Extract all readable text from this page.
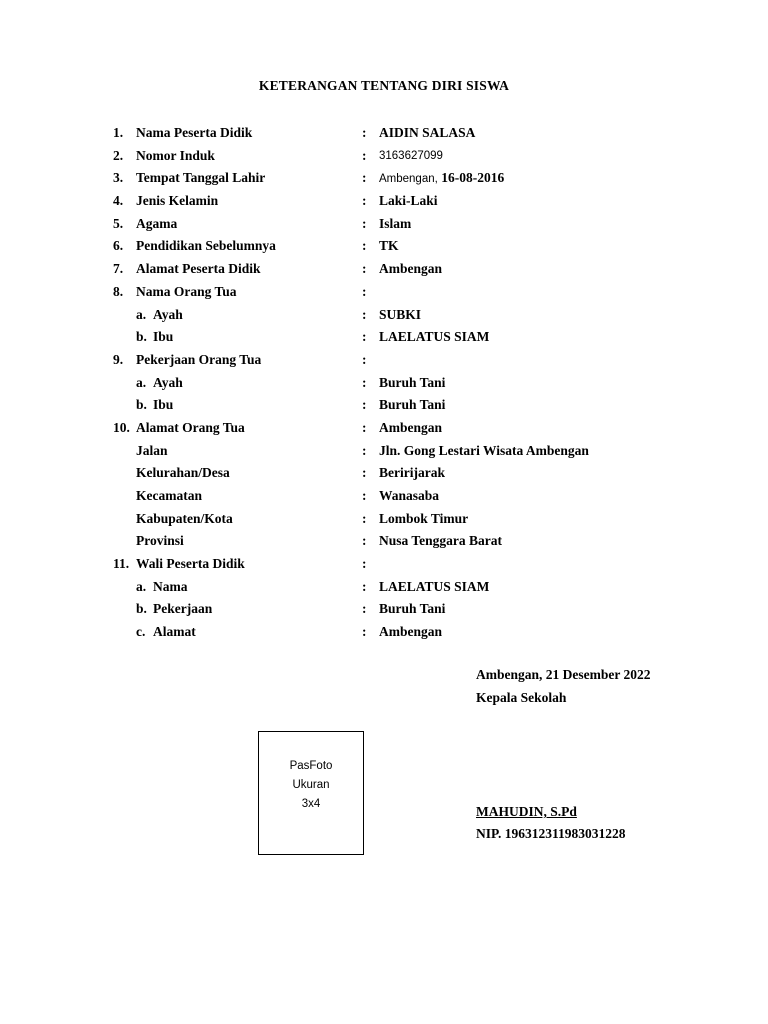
KETERANGAN TENTANG DIRI SISWA
1. Nama Peserta Didik	: AIDIN SALASA
2. Nomor Induk	: 3163627099
3. Tempat Tanggal Lahir	: Ambengan, 16-08-2016
4. Jenis Kelamin	: Laki-Laki
5. Agama	: Islam
6. Pendidikan Sebelumnya	: TK
7. Alamat Peserta Didik	: Ambengan
8. Nama Orang Tua	:
a. Ayah	: SUBKI
b. Ibu	: LAELATUS SIAM
9. Pekerjaan Orang Tua	:
a. Ayah	: Buruh Tani
b. Ibu	: Buruh Tani
10. Alamat Orang Tua	: Ambengan
Jalan	: Jln. Gong Lestari Wisata Ambengan
Kelurahan/Desa	: Beririjarak
Kecamatan	: Wanasaba
Kabupaten/Kota	: Lombok Timur
Provinsi	: Nusa Tenggara Barat
11. Wali Peserta Didik	:
a. Nama	: LAELATUS SIAM
b. Pekerjaan	: Buruh Tani
c. Alamat	: Ambengan
Ambengan, 21 Desember 2022
Kepala Sekolah
MAHUDIN, S.Pd
NIP. 196312311983031228
PasFoto
Ukuran
3x4
